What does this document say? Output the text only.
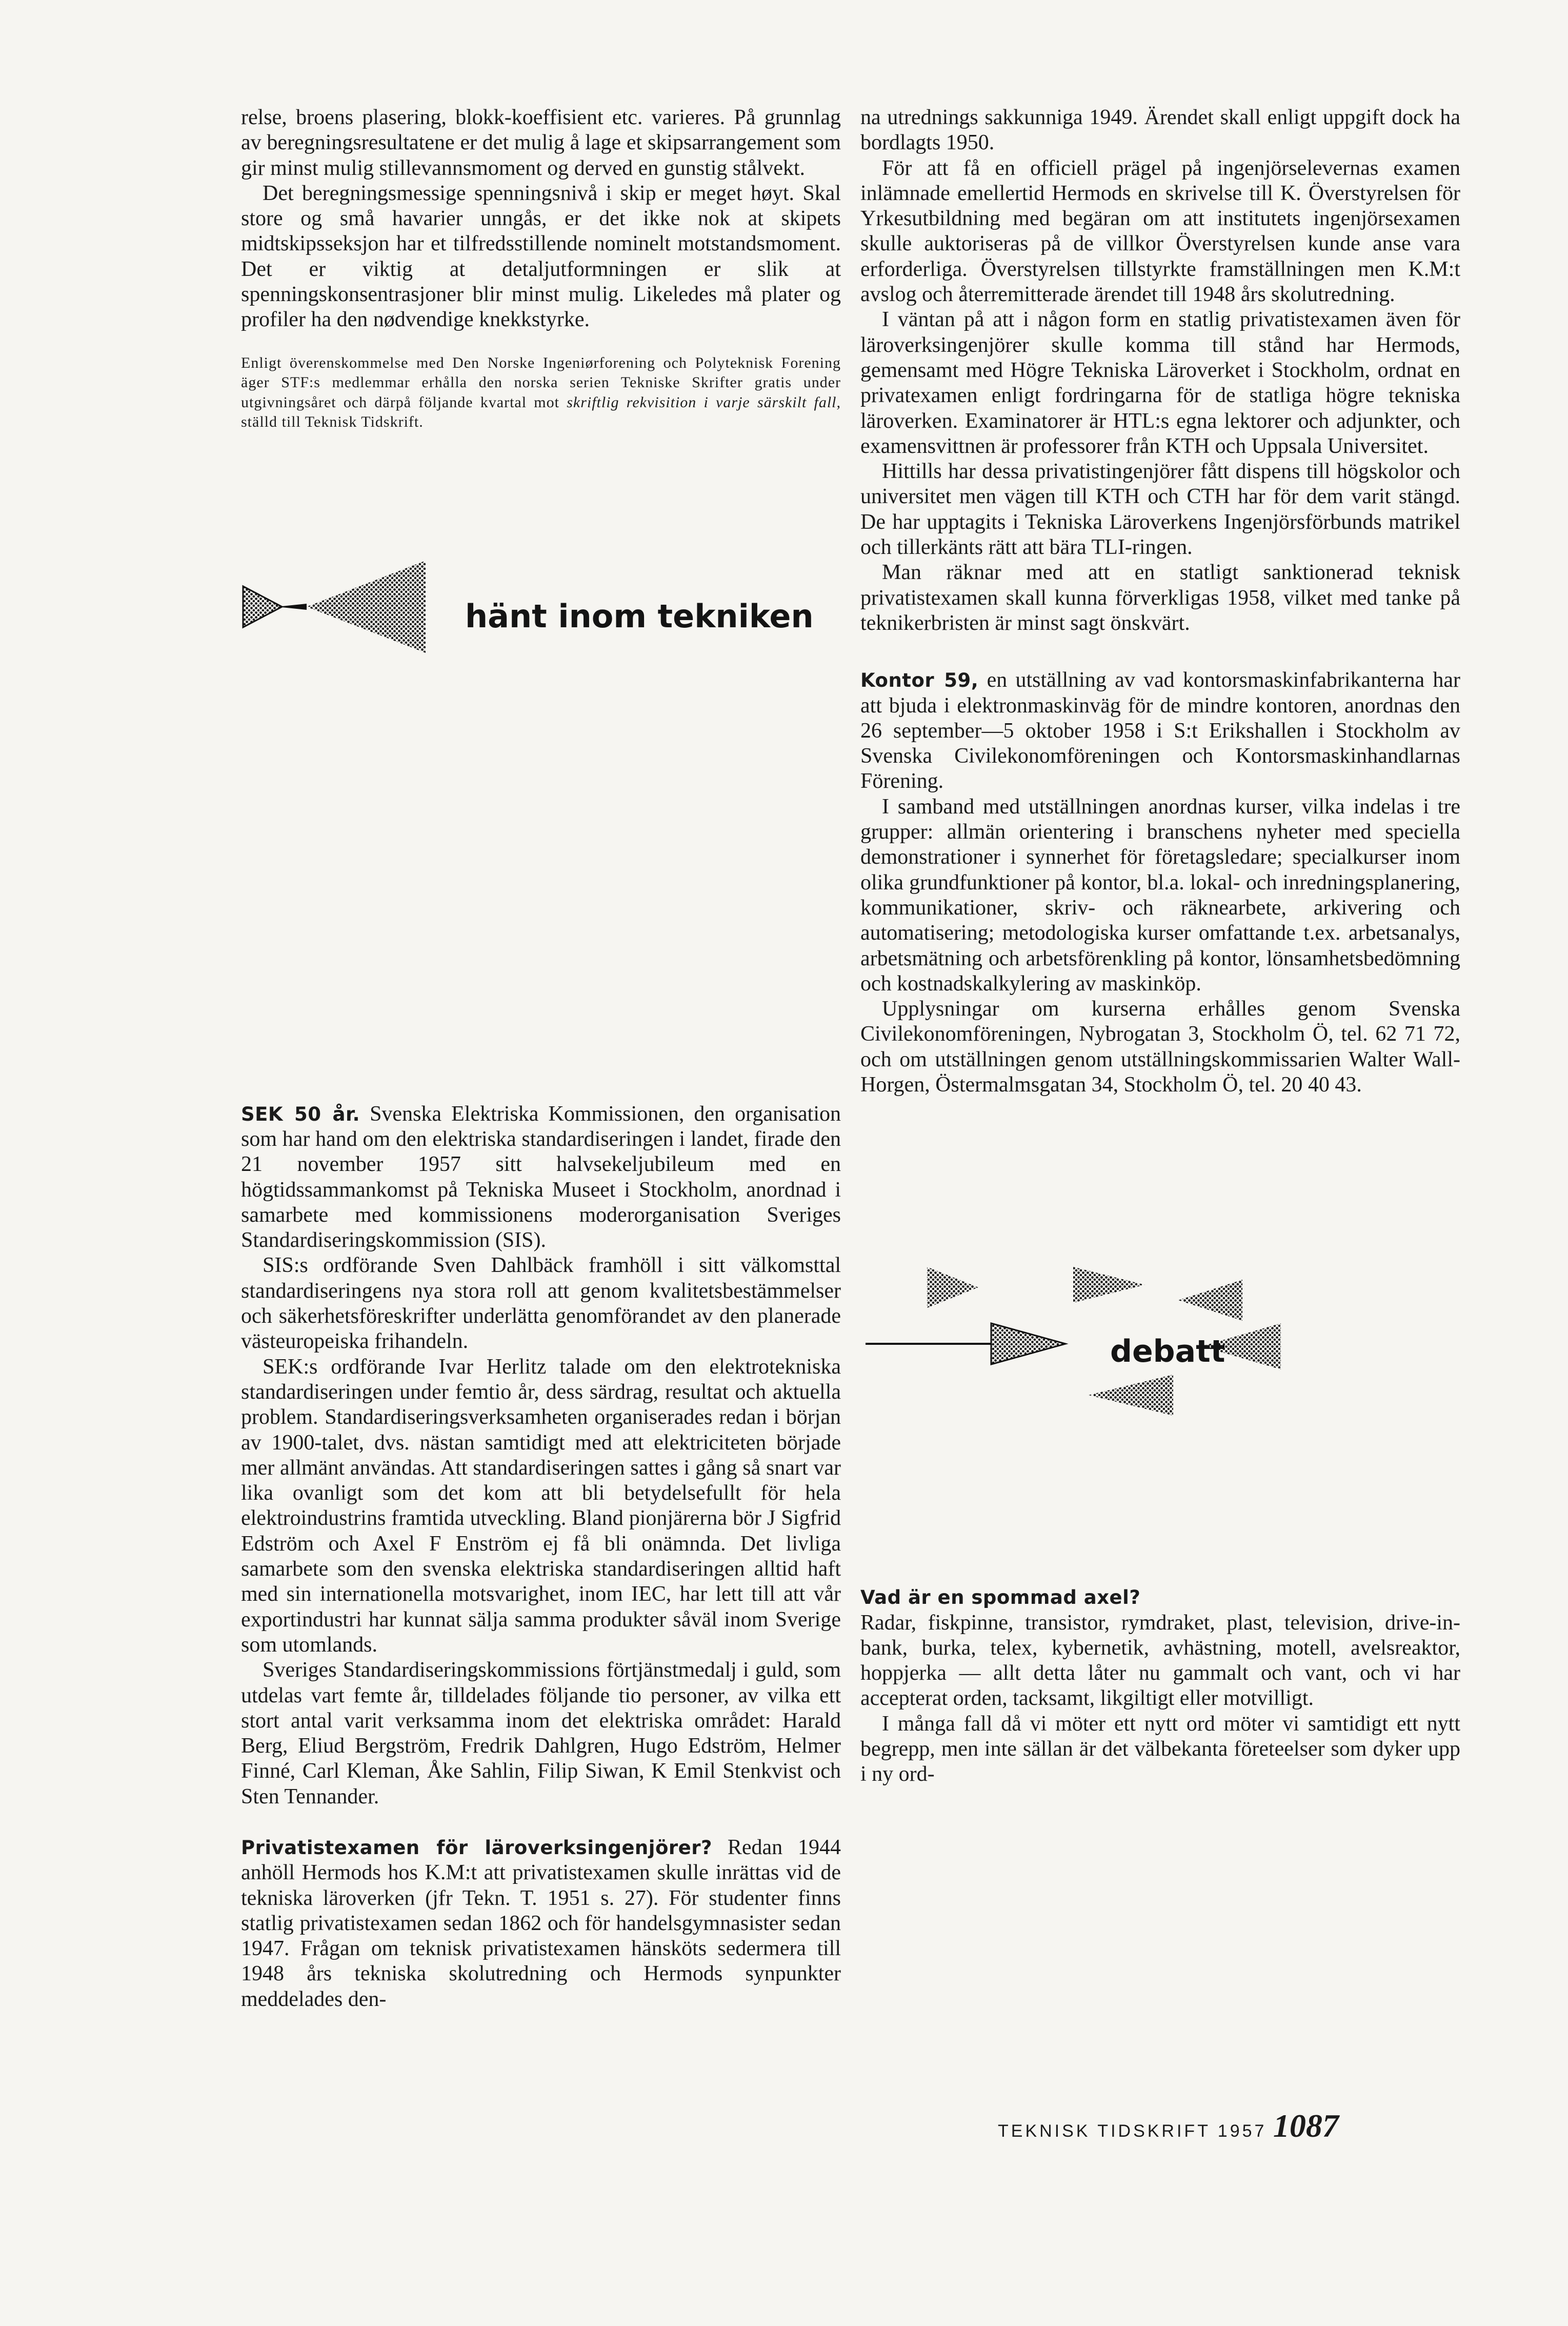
relse, broens plasering, blokk-koeffisient etc. varieres. På grunnlag av beregningsresultatene er det mulig å lage et skipsarrangement som gir minst mulig stillevannsmoment og derved en gunstig stålvekt.

Det beregningsmessige spenningsnivå i skip er meget høyt. Skal store og små havarier unngås, er det ikke nok at skipets midtskipsseksjon har et tilfredsstillende nominelt motstandsmoment. Det er viktig at detaljutformningen er slik at spenningskonsentrasjoner blir minst mulig. Likeledes må plater og profiler ha den nødvendige knekkstyrke.

Enligt överenskommelse med Den Norske Ingeniørforening och Polyteknisk Forening äger STF:s medlemmar erhålla den norska serien Tekniske Skrifter gratis under utgivningsåret och därpå följande kvartal mot skriftlig rekvisition i varje särskilt fall, ställd till Teknisk Tidskrift.

hänt inom tekniken

SEK 50 år. Svenska Elektriska Kommissionen, den organisation som har hand om den elektriska standardiseringen i landet, firade den 21 november 1957 sitt halvsekeljubileum med en högtidssammankomst på Tekniska Museet i Stockholm, anordnad i samarbete med kommissionens moderorganisation Sveriges Standardiseringskommission (SIS).

SIS:s ordförande Sven Dahlbäck framhöll i sitt välkomsttal standardiseringens nya stora roll att genom kvalitetsbestämmelser och säkerhetsföreskrifter underlätta genomförandet av den planerade västeuropeiska frihandeln.

SEK:s ordförande Ivar Herlitz talade om den elektrotekniska standardiseringen under femtio år, dess särdrag, resultat och aktuella problem. Standardiseringsverksamheten organiserades redan i början av 1900-talet, dvs. nästan samtidigt med att elektriciteten började mer allmänt användas. Att standardiseringen sattes i gång så snart var lika ovanligt som det kom att bli betydelsefullt för hela elektroindustrins framtida utveckling. Bland pionjärerna bör J Sigfrid Edström och Axel F Enström ej få bli onämnda. Det livliga samarbete som den svenska elektriska standardiseringen alltid haft med sin internationella motsvarighet, inom IEC, har lett till att vår exportindustri har kunnat sälja samma produkter såväl inom Sverige som utomlands.

Sveriges Standardiseringskommissions förtjänstmedalj i guld, som utdelas vart femte år, tilldelades följande tio personer, av vilka ett stort antal varit verksamma inom det elektriska området: Harald Berg, Eliud Bergström, Fredrik Dahlgren, Hugo Edström, Helmer Finné, Carl Kleman, Åke Sahlin, Filip Siwan, K Emil Stenkvist och Sten Tennander.

Privatistexamen för läroverksingenjörer? Redan 1944 anhöll Hermods hos K.M:t att privatistexamen skulle inrättas vid de tekniska läroverken (jfr Tekn. T. 1951 s. 27). För studenter finns statlig privatistexamen sedan 1862 och för handelsgymnasister sedan 1947. Frågan om teknisk privatistexamen hänsköts sedermera till 1948 års tekniska skolutredning och Hermods synpunkter meddelades den-

na utrednings sakkunniga 1949. Ärendet skall enligt uppgift dock ha bordlagts 1950.

För att få en officiell prägel på ingenjörselevernas examen inlämnade emellertid Hermods en skrivelse till K. Överstyrelsen för Yrkesutbildning med begäran om att institutets ingenjörsexamen skulle auktoriseras på de villkor Överstyrelsen kunde anse vara erforderliga. Överstyrelsen tillstyrkte framställningen men K.M:t avslog och återremitterade ärendet till 1948 års skolutredning.

I väntan på att i någon form en statlig privatistexamen även för läroverksingenjörer skulle komma till stånd har Hermods, gemensamt med Högre Tekniska Läroverket i Stockholm, ordnat en privatexamen enligt fordringarna för de statliga högre tekniska läroverken. Examinatorer är HTL:s egna lektorer och adjunkter, och examensvittnen är professorer från KTH och Uppsala Universitet.

Hittills har dessa privatistingenjörer fått dispens till högskolor och universitet men vägen till KTH och CTH har för dem varit stängd. De har upptagits i Tekniska Läroverkens Ingenjörsförbunds matrikel och tillerkänts rätt att bära TLI-ringen.

Man räknar med att en statligt sanktionerad teknisk privatistexamen skall kunna förverkligas 1958, vilket med tanke på teknikerbristen är minst sagt önskvärt.

Kontor 59, en utställning av vad kontorsmaskinfabrikanterna har att bjuda i elektronmaskinväg för de mindre kontoren, anordnas den 26 september—5 oktober 1958 i S:t Erikshallen i Stockholm av Svenska Civilekonomföreningen och Kontorsmaskinhandlarnas Förening.

I samband med utställningen anordnas kurser, vilka indelas i tre grupper: allmän orientering i branschens nyheter med speciella demonstrationer i synnerhet för företagsledare; specialkurser inom olika grundfunktioner på kontor, bl.a. lokal- och inredningsplanering, kommunikationer, skriv- och räknearbete, arkivering och automatisering; metodologiska kurser omfattande t.ex. arbetsanalys, arbetsmätning och arbetsförenkling på kontor, lönsamhetsbedömning och kostnadskalkylering av maskinköp.

Upplysningar om kurserna erhålles genom Svenska Civilekonomföreningen, Nybrogatan 3, Stockholm Ö, tel. 62 71 72, och om utställningen genom utställningskommissarien Walter Wall-Horgen, Östermalmsgatan 34, Stockholm Ö, tel. 20 40 43.

debatt

Vad är en spommad axel?

Radar, fiskpinne, transistor, rymdraket, plast, television, drive-in-bank, burka, telex, kybernetik, avhästning, motell, avelsreaktor, hoppjerka — allt detta låter nu gammalt och vant, och vi har accepterat orden, tacksamt, likgiltigt eller motvilligt.

I många fall då vi möter ett nytt ord möter vi samtidigt ett nytt begrepp, men inte sällan är det välbekanta företeelser som dyker upp i ny ord-

TEKNISK TIDSKRIFT 1957 1087
